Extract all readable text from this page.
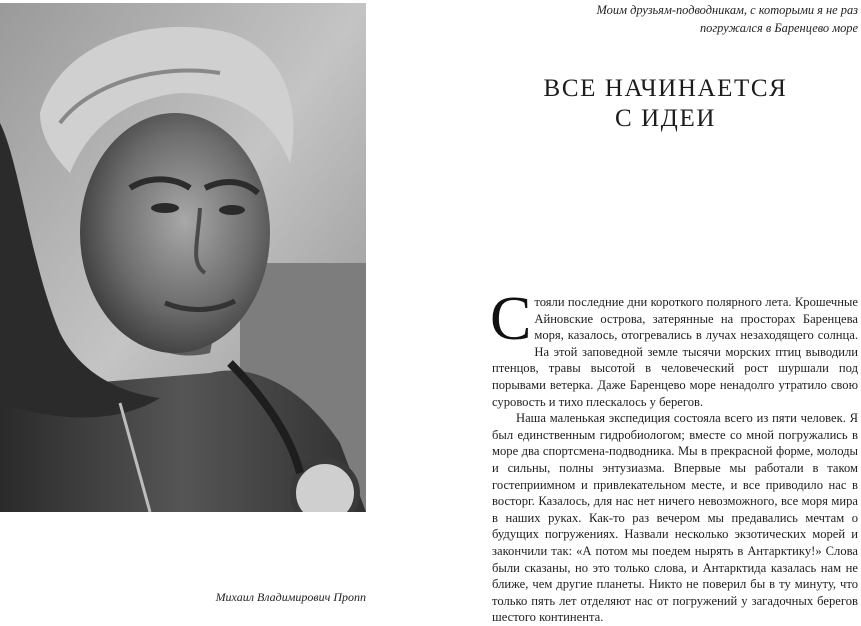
Михаил Владимирович Пропп
Моим друзьям-подводникам, с которыми я не раз
погружался в Баренцево море
ВСЕ НАЧИНАЕТСЯ
С ИДЕИ

Стояли последние дни короткого полярного лета. Крошечные Айновские острова, затерянные на просторах Баренцева моря, казалось, отогревались в лучах незаходящего солнца. На этой заповедной земле тысячи морских птиц выводили птенцов, травы высотой в человеческий рост шуршали под порывами ветерка. Даже Баренцево море ненадолго утратило свою суровость и тихо плескалось у берегов.

Наша маленькая экспедиция состояла всего из пяти человек. Я был единственным гидробиологом; вместе со мной погружались в море два спортсмена-подводника. Мы в прекрасной форме, молоды и сильны, полны энтузиазма. Впервые мы работали в таком гостеприимном и привлекательном месте, и все приводило нас в восторг. Казалось, для нас нет ничего невозможного, все моря мира в наших руках. Как-то раз вечером мы предавались мечтам о будущих погружениях. Назвали несколько экзотических морей и закончили так: «А потом мы поедем нырять в Антарктику!» Слова были сказаны, но это только слова, и Антарктида казалась нам не ближе, чем другие планеты. Никто не поверил бы в ту минуту, что только пять лет отделяют нас от погружений у загадочных берегов шестого континента.
